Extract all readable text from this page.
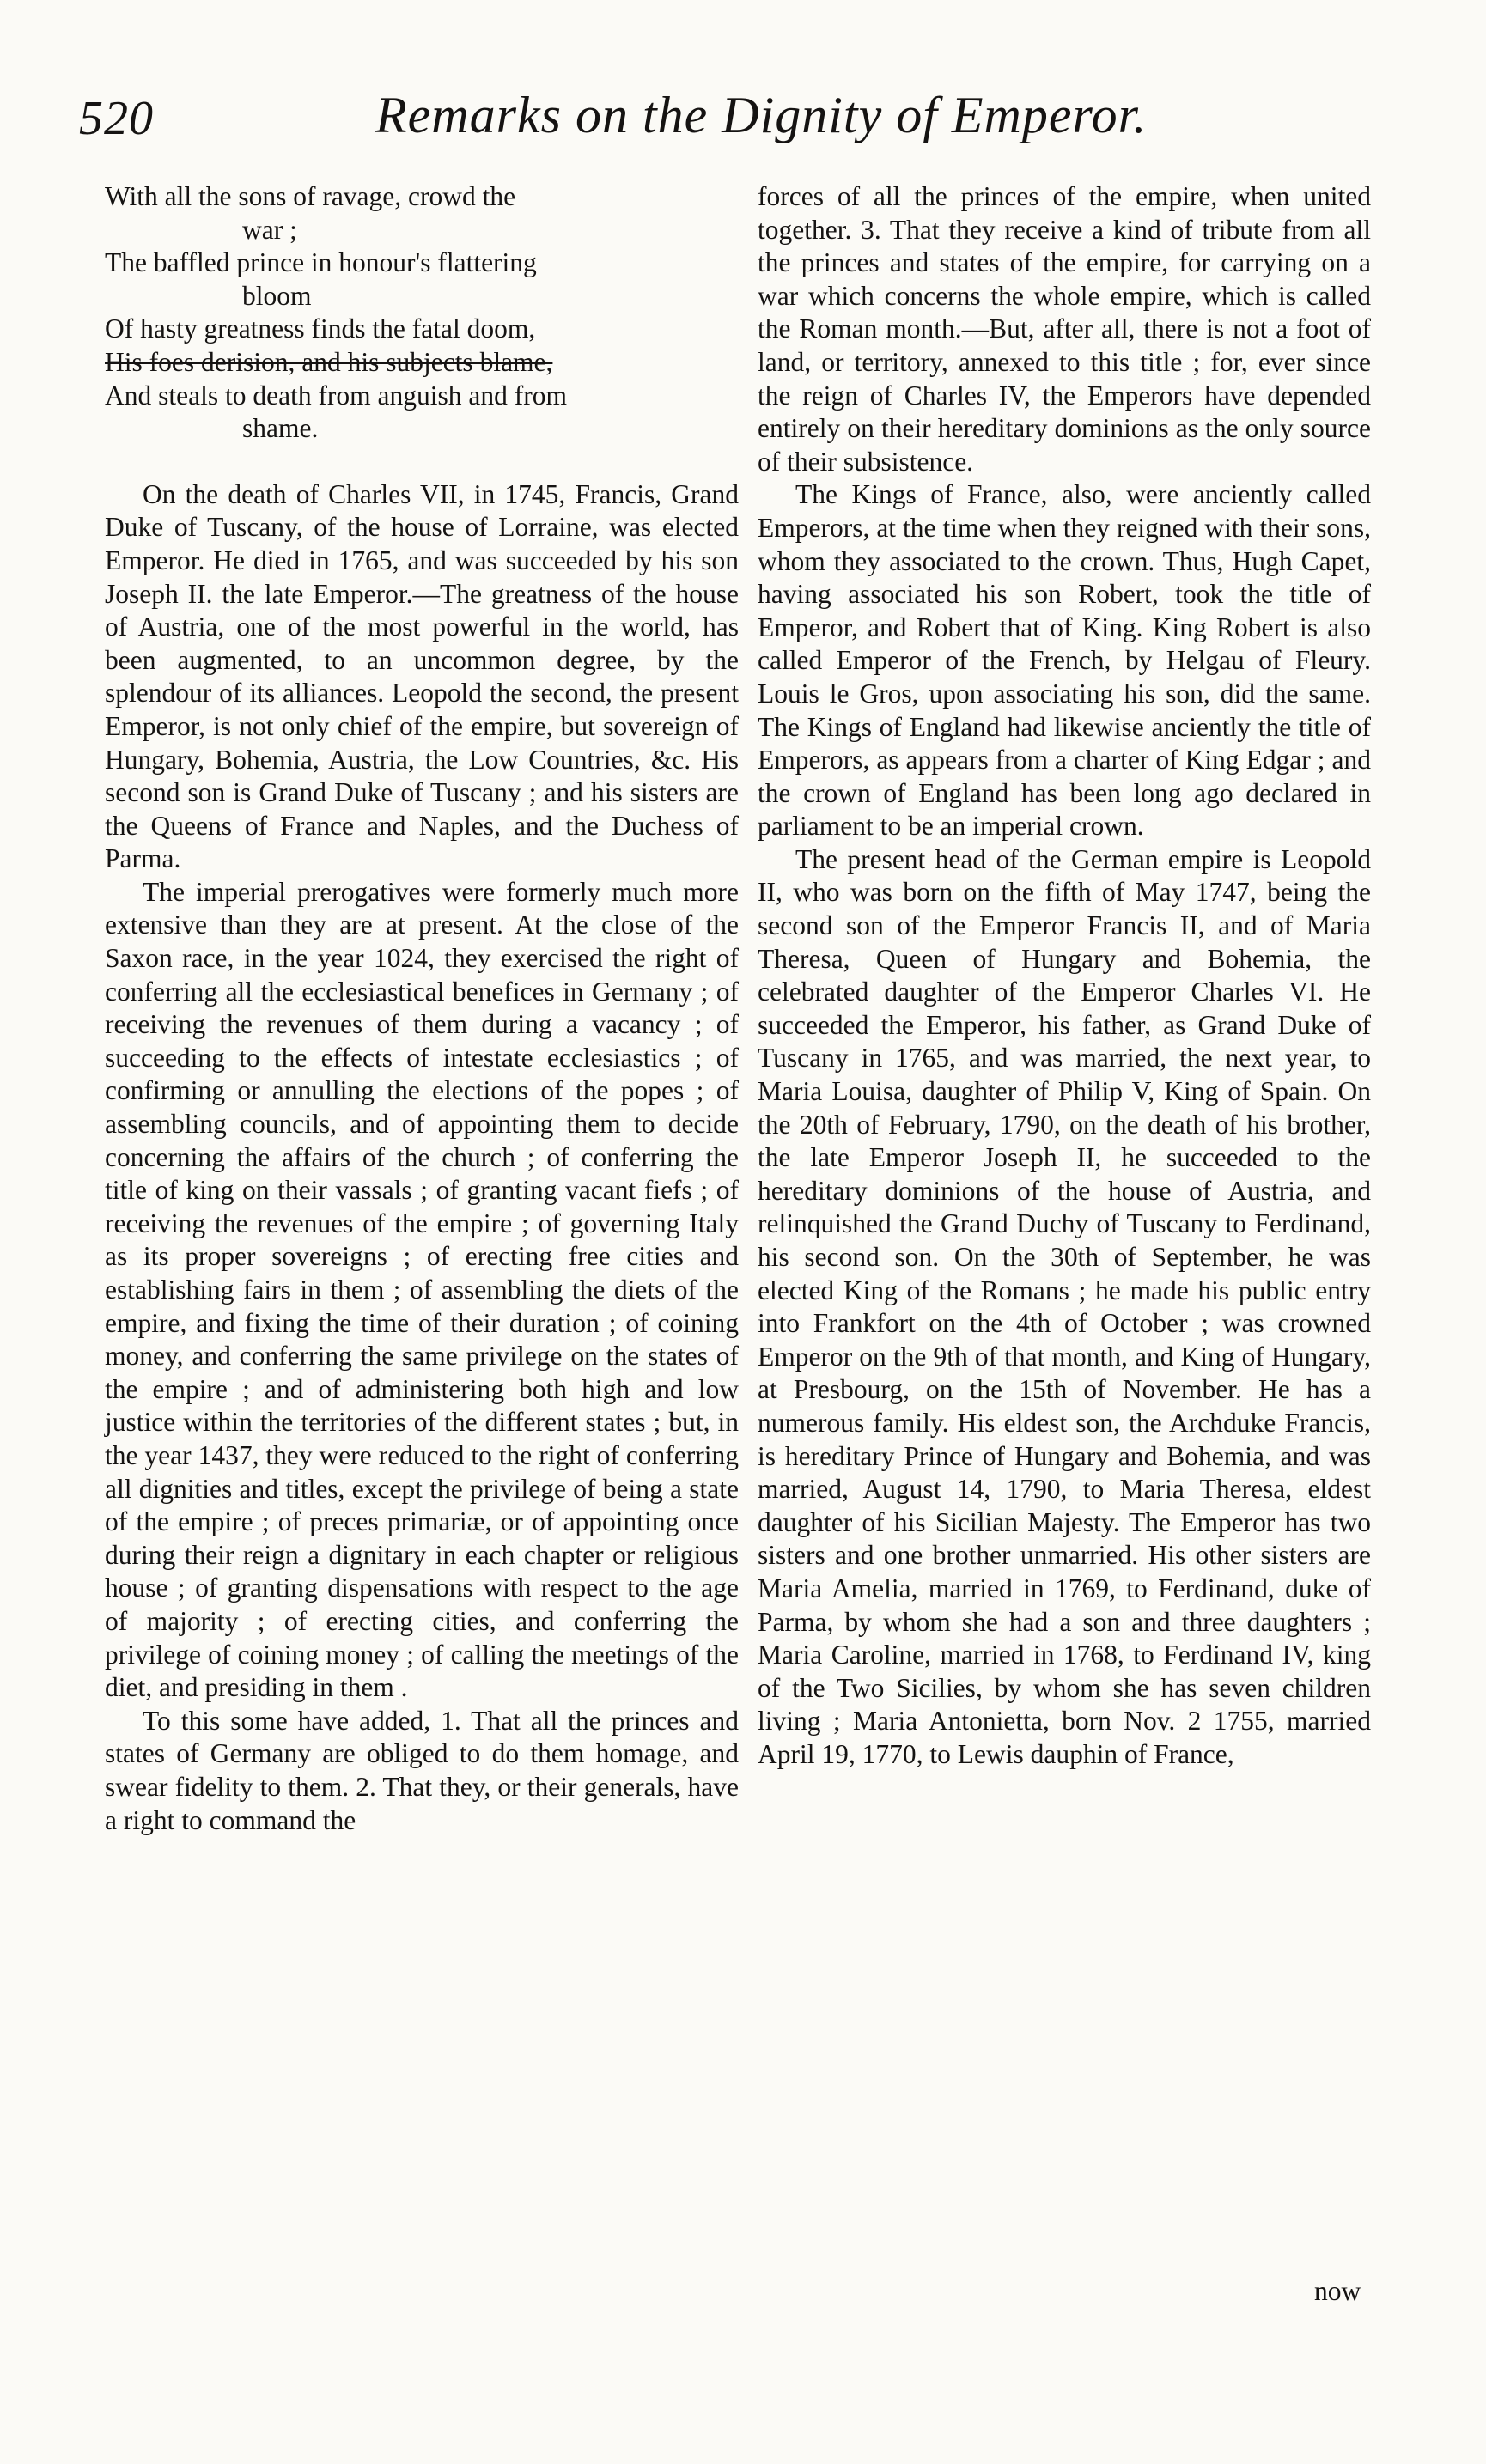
520	Remarks on the Dignity of Emperor.
With all the sons of ravage, crowd the
war ;
The baffled prince in honour's flattering
bloom
Of hasty greatness finds the fatal doom,
His foes derision, and his subjects blame,
And steals to death from anguish and from
shame.

On the death of Charles VII, in 1745, Francis, Grand Duke of Tuscany, of the house of Lorraine, was elected Emperor. He died in 1765, and was succeeded by his son Joseph II. the late Emperor.—The greatness of the house of Austria, one of the most powerful in the world, has been augmented, to an uncommon degree, by the splendour of its alliances. Leopold the second, the present Emperor, is not only chief of the empire, but sovereign of Hungary, Bohemia, Austria, the Low Countries, &c. His second son is Grand Duke of Tuscany ; and his sisters are the Queens of France and Naples, and the Duchess of Parma.

The imperial prerogatives were formerly much more extensive than they are at present. At the close of the Saxon race, in the year 1024, they exercised the right of conferring all the ecclesiastical benefices in Germany ; of receiving the revenues of them during a vacancy ; of succeeding to the effects of intestate ecclesiastics ; of confirming or annulling the elections of the popes ; of assembling councils, and of appointing them to decide concerning the affairs of the church ; of conferring the title of king on their vassals ; of granting vacant fiefs ; of receiving the revenues of the empire ; of governing Italy as its proper sovereigns ; of erecting free cities and establishing fairs in them ; of assembling the diets of the empire, and fixing the time of their duration ; of coining money, and conferring the same privilege on the states of the empire ; and of administering both high and low justice within the territories of the different states ; but, in the year 1437, they were reduced to the right of conferring all dignities and titles, except the privilege of being a state of the empire ; of preces primariæ, or of appointing once during their reign a dignitary in each chapter or religious house ; of granting dispensations with respect to the age of majority ; of erecting cities, and conferring the privilege of coining money ; of calling the meetings of the diet, and presiding in them .

To this some have added, 1. That all the princes and states of Germany are obliged to do them homage, and swear fidelity to them. 2. That they, or their generals, have a right to command the

forces of all the princes of the empire, when united together. 3. That they receive a kind of tribute from all the princes and states of the empire, for carrying on a war which concerns the whole empire, which is called the Roman month.—But, after all, there is not a foot of land, or territory, annexed to this title ; for, ever since the reign of Charles IV, the Emperors have depended entirely on their hereditary dominions as the only source of their subsistence.

The Kings of France, also, were anciently called Emperors, at the time when they reigned with their sons, whom they associated to the crown. Thus, Hugh Capet, having associated his son Robert, took the title of Emperor, and Robert that of King. King Robert is also called Emperor of the French, by Helgau of Fleury. Louis le Gros, upon associating his son, did the same. The Kings of England had likewise anciently the title of Emperors, as appears from a charter of King Edgar ; and the crown of England has been long ago declared in parliament to be an imperial crown.

The present head of the German empire is Leopold II, who was born on the fifth of May 1747, being the second son of the Emperor Francis II, and of Maria Theresa, Queen of Hungary and Bohemia, the celebrated daughter of the Emperor Charles VI. He succeeded the Emperor, his father, as Grand Duke of Tuscany in 1765, and was married, the next year, to Maria Louisa, daughter of Philip V, King of Spain. On the 20th of February, 1790, on the death of his brother, the late Emperor Joseph II, he succeeded to the hereditary dominions of the house of Austria, and relinquished the Grand Duchy of Tuscany to Ferdinand, his second son. On the 30th of September, he was elected King of the Romans ; he made his public entry into Frankfort on the 4th of October ; was crowned Emperor on the 9th of that month, and King of Hungary, at Presbourg, on the 15th of November. He has a numerous family. His eldest son, the Archduke Francis, is hereditary Prince of Hungary and Bohemia, and was married, August 14, 1790, to Maria Theresa, eldest daughter of his Sicilian Majesty. The Emperor has two sisters and one brother unmarried. His other sisters are Maria Amelia, married in 1769, to Ferdinand, duke of Parma, by whom she had a son and three daughters ; Maria Caroline, married in 1768, to Ferdinand IV, king of the Two Sicilies, by whom she has seven children living ; Maria Antonietta, born Nov. 2 1755, married April 19, 1770, to Lewis dauphin of France,

now
